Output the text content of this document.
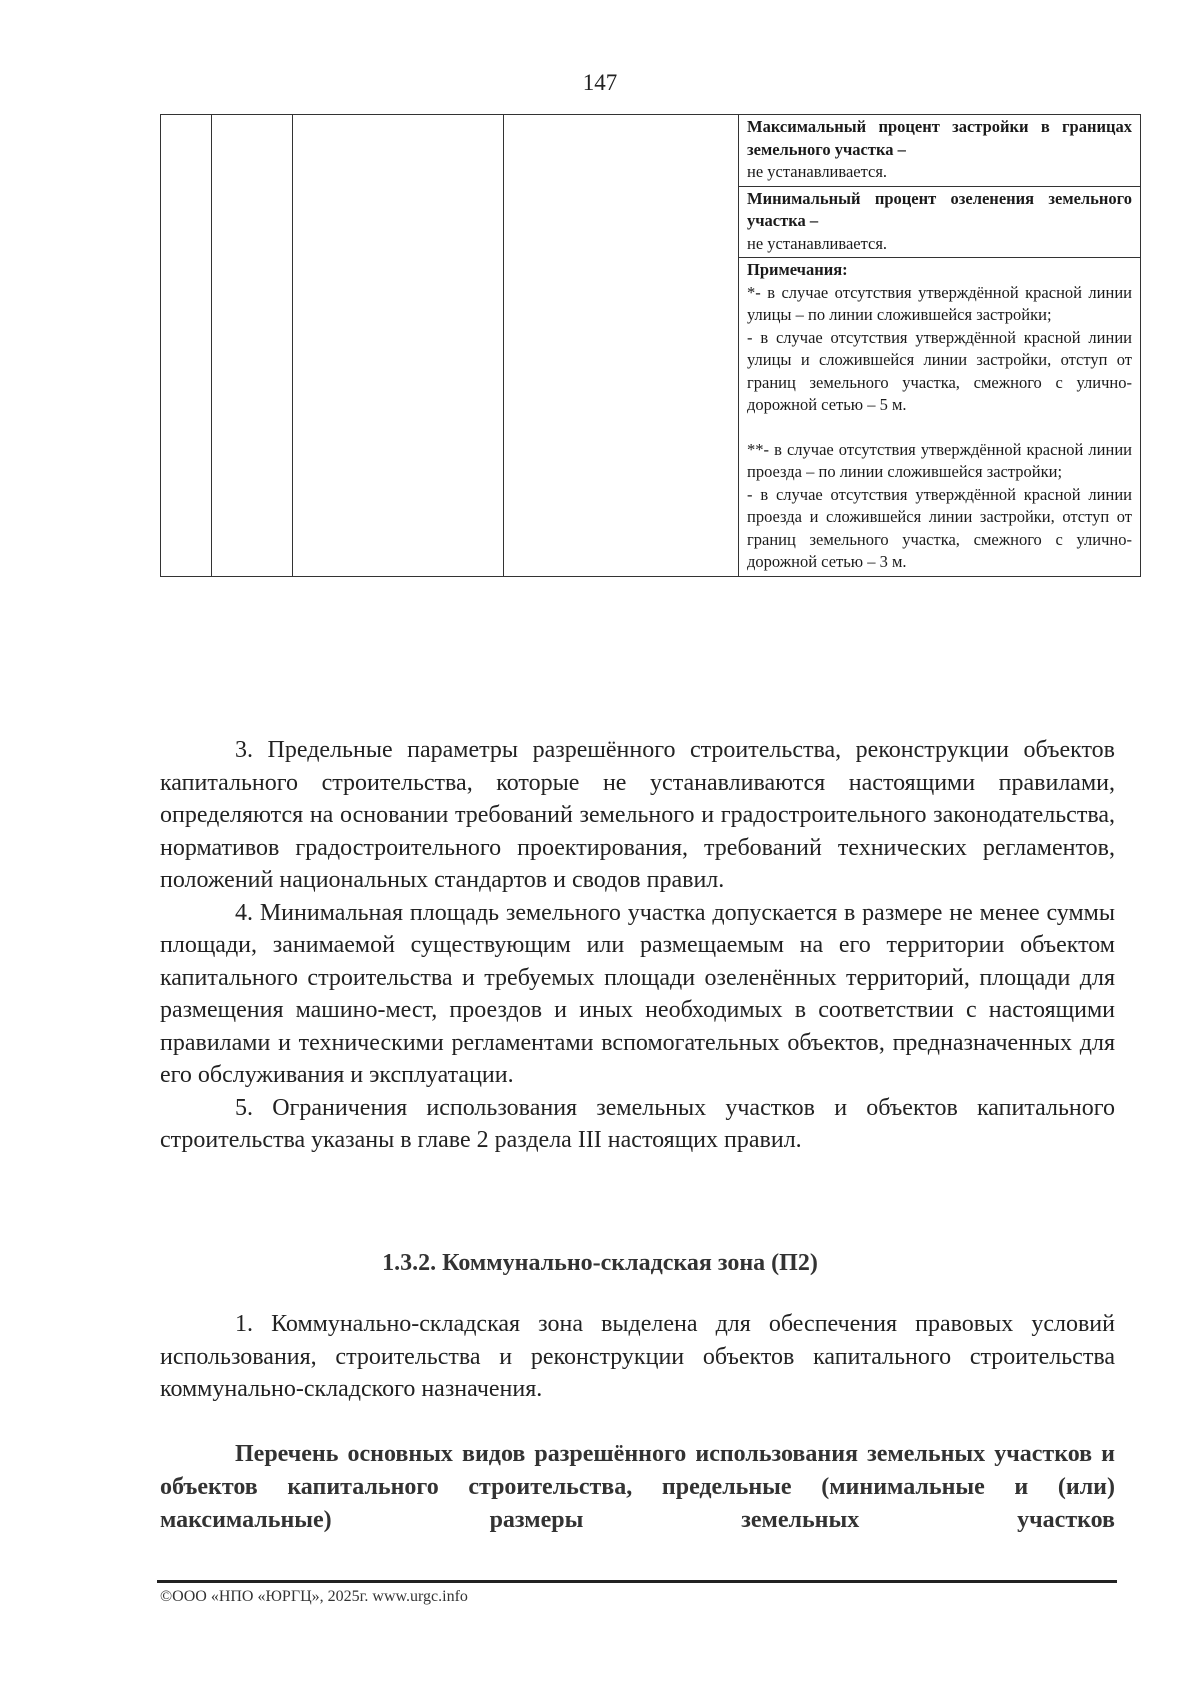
147

Максимальный процент застройки в границах земельного участка –
не устанавливается.

Минимальный процент озеленения земельного участка –
не устанавливается.

Примечания:
*- в случае отсутствия утверждённой красной линии улицы – по линии сложившейся застройки;
- в случае отсутствия утверждённой красной линии улицы и сложившейся линии застройки, отступ от границ земельного участка, смежного с улично-дорожной сетью – 5 м.
**- в случае отсутствия утверждённой красной линии проезда – по линии сложившейся застройки;
- в случае отсутствия утверждённой красной линии проезда и сложившейся линии застройки, отступ от границ земельного участка, смежного с улично-дорожной сетью – 3 м.

3. Предельные параметры разрешённого строительства, реконструкции объектов капитального строительства, которые не устанавливаются настоящими правилами, определяются на основании требований земельного и градостроительного законодательства, нормативов градостроительного проектирования, требований технических регламентов, положений национальных стандартов и сводов правил.

4. Минимальная площадь земельного участка допускается в размере не менее суммы площади, занимаемой существующим или размещаемым на его территории объектом капитального строительства и требуемых площади озеленённых территорий, площади для размещения машино-мест, проездов и иных необходимых в соответствии с настоящими правилами и техническими регламентами вспомогательных объектов, предназначенных для его обслуживания и эксплуатации.

5. Ограничения использования земельных участков и объектов капитального строительства указаны в главе 2 раздела III настоящих правил.

1.3.2. Коммунально-складская зона (П2)

1. Коммунально-складская зона выделена для обеспечения правовых условий использования, строительства и реконструкции объектов капитального строительства коммунально-складского назначения.

Перечень основных видов разрешённого использования земельных участков и объектов капитального строительства, предельные (минимальные и (или) максимальные) размеры земельных участков
©ООО «НПО «ЮРГЦ», 2025г. www.urgc.info
